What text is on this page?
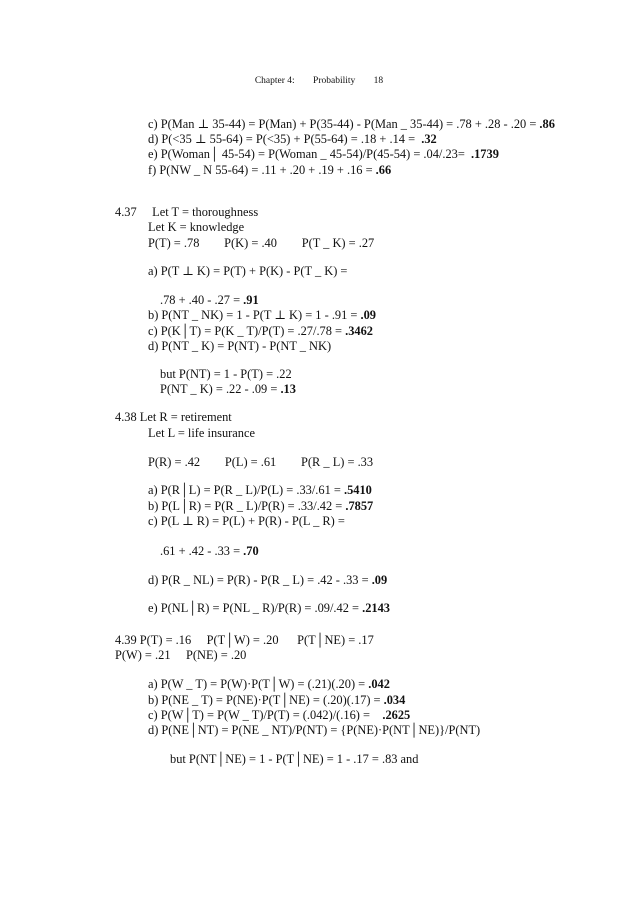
Chapter 4: Probability 18
c) P(Man ⊥ 35-44) = P(Man) + P(35-44) - P(Man _ 35-44) = .78 + .28 - .20 = .86
d) P(<35 ⊥ 55-64) = P(<35) + P(55-64) = .18 + .14 =  .32
e) P(Woman│ 45-54) = P(Woman _ 45-54)/P(45-54) = .04/.23=  .1739
f) P(NW _ N 55-64) = .11 + .20 + .19 + .16 = .66
4.37     Let T = thoroughness
Let K = knowledge
P(T) = .78        P(K) = .40        P(T _ K) = .27
a) P(T ⊥ K) = P(T) + P(K) - P(T _ K) =
.78 + .40 - .27 = .91
b) P(NT _ NK) = 1 - P(T ⊥ K) = 1 - .91 = .09
c) P(K│T) = P(K _ T)/P(T) = .27/.78 = .3462
d) P(NT _ K) = P(NT) - P(NT _ NK)
but P(NT) = 1 - P(T) = .22
P(NT _ K) = .22 - .09 = .13
4.38 Let R = retirement
Let L = life insurance
P(R) = .42        P(L) = .61        P(R _ L) = .33
a) P(R│L) = P(R _ L)/P(L) = .33/.61 = .5410
b) P(L│R) = P(R _ L)/P(R) = .33/.42 = .7857
c) P(L ⊥ R) = P(L) + P(R) - P(L _ R) =
.61 + .42 - .33 = .70
d) P(R _ NL) = P(R) - P(R _ L) = .42 - .33 = .09
e) P(NL│R) = P(NL _ R)/P(R) = .09/.42 = .2143
4.39 P(T) = .16     P(T│W) = .20      P(T│NE) = .17
P(W) = .21     P(NE) = .20
a) P(W _ T) = P(W)·P(T│W) = (.21)(.20) = .042
b) P(NE _ T) = P(NE)·P(T│NE) = (.20)(.17) = .034
c) P(W│T) = P(W _ T)/P(T) = (.042)/(.16) =    .2625
d) P(NE│NT) = P(NE _ NT)/P(NT) = {P(NE)·P(NT│NE)}/P(NT)
but P(NT│NE) = 1 - P(T│NE) = 1 - .17 = .83 and
